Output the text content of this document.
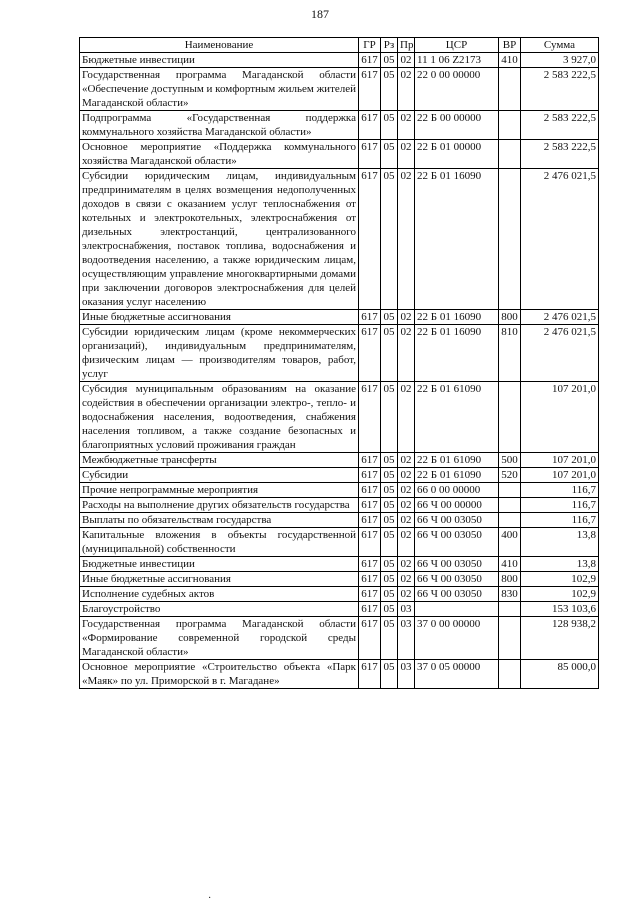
187
Наименование	ГР	Рз	Пр	ЦСР	ВР	Сумма
Бюджетные инвестиции	617	05	02	11 1 06 Z2173	410	3 927,0
Государственная программа Магаданской области «Обеспечение доступным и комфортным жильем жителей Магаданской области»	617	05	02	22 0 00 00000		2 583 222,5
Подпрограмма «Государственная поддержка коммунального хозяйства Магаданской области»	617	05	02	22 Б 00 00000		2 583 222,5
Основное мероприятие «Поддержка коммунального хозяйства Магаданской области»	617	05	02	22 Б 01 00000		2 583 222,5
Субсидии юридическим лицам, индивидуальным предпринимателям в целях возмещения недополученных доходов в связи с оказанием услуг теплоснабжения от котельных и электрокотельных, электроснабжения от дизельных электростанций, централизованного электроснабжения, поставок топлива, водоснабжения и водоотведения населению, а также юридическим лицам, осуществляющим управление многоквартирными домами при заключении договоров электроснабжения для целей оказания услуг населению	617	05	02	22 Б 01 16090		2 476 021,5
Иные бюджетные ассигнования	617	05	02	22 Б 01 16090	800	2 476 021,5
Субсидии юридическим лицам (кроме некоммерческих организаций), индивидуальным предпринимателям, физическим лицам — производителям товаров, работ, услуг	617	05	02	22 Б 01 16090	810	2 476 021,5
Субсидия муниципальным образованиям на оказание содействия в обеспечении организации электро-, тепло- и водоснабжения населения, водоотведения, снабжения населения топливом, а также создание безопасных и благоприятных условий проживания граждан	617	05	02	22 Б 01 61090		107 201,0
Межбюджетные трансферты	617	05	02	22 Б 01 61090	500	107 201,0
Субсидии	617	05	02	22 Б 01 61090	520	107 201,0
Прочие непрограммные мероприятия	617	05	02	66 0 00 00000		116,7
Расходы на выполнение других обязательств государства	617	05	02	66 Ч 00 00000		116,7
Выплаты по обязательствам государства	617	05	02	66 Ч 00 03050		116,7
Капитальные вложения в объекты государственной (муниципальной) собственности	617	05	02	66 Ч 00 03050	400	13,8
Бюджетные инвестиции	617	05	02	66 Ч 00 03050	410	13,8
Иные бюджетные ассигнования	617	05	02	66 Ч 00 03050	800	102,9
Исполнение судебных актов	617	05	02	66 Ч 00 03050	830	102,9
Благоустройство	617	05	03			153 103,6
Государственная программа Магаданской области «Формирование современной городской среды Магаданской области»	617	05	03	37 0 00 00000		128 938,2
Основное мероприятие «Строительство объекта «Парк «Маяк» по ул. Приморской в г. Магадане»	617	05	03	37 0 05 00000		85 000,0
·
